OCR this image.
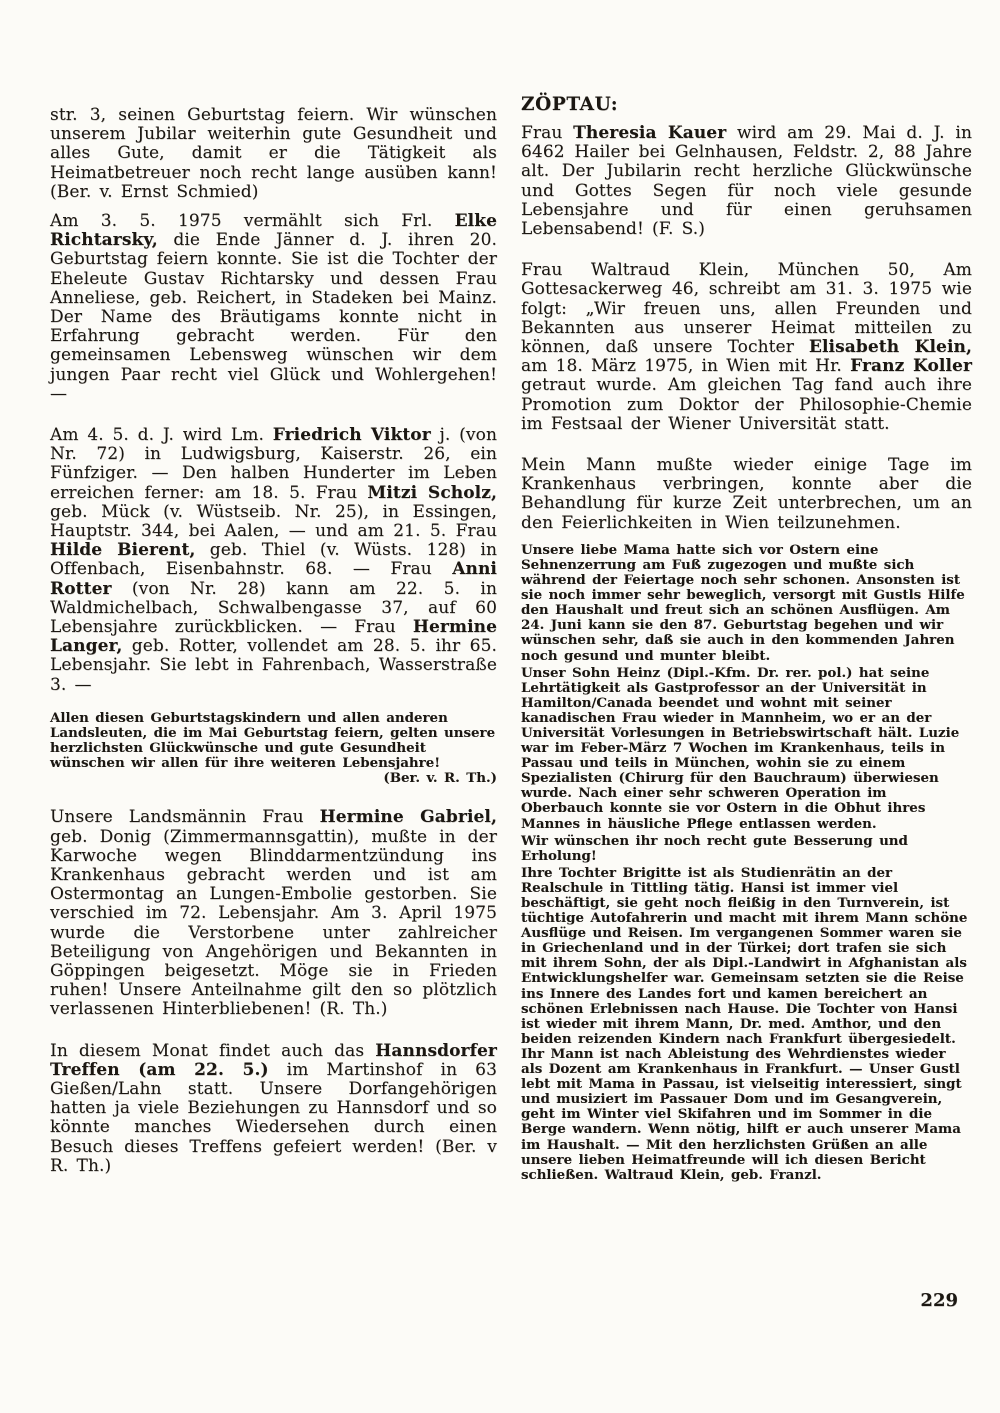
str. 3, seinen Geburtstag feiern. Wir wünschen unserem Jubilar weiterhin gute Gesundheit und alles Gute, damit er die Tätigkeit als Heimatbetreuer noch recht lange ausüben kann! (Ber. v. Ernst Schmied)

Am 3. 5. 1975 vermählt sich Frl. Elke Richtarsky, die Ende Jänner d. J. ihren 20. Geburtstag feiern konnte. Sie ist die Tochter der Eheleute Gustav Richtarsky und dessen Frau Anneliese, geb. Reichert, in Stadeken bei Mainz. Der Name des Bräutigams konnte nicht in Erfahrung gebracht werden. Für den gemeinsamen Lebensweg wünschen wir dem jungen Paar recht viel Glück und Wohlergehen! —

Am 4. 5. d. J. wird Lm. Friedrich Viktor j. (von Nr. 72) in Ludwigsburg, Kaiserstr. 26, ein Fünfziger. — Den halben Hunderter im Leben erreichen ferner: am 18. 5. Frau Mitzi Scholz, geb. Mück (v. Wüstseib. Nr. 25), in Essingen, Hauptstr. 344, bei Aalen, — und am 21. 5. Frau Hilde Bierent, geb. Thiel (v. Wüsts. 128) in Offenbach, Eisenbahnstr. 68. — Frau Anni Rotter (von Nr. 28) kann am 22. 5. in Waldmichelbach, Schwalbengasse 37, auf 60 Lebensjahre zurückblicken. — Frau Hermine Langer, geb. Rotter, vollendet am 28. 5. ihr 65. Lebensjahr. Sie lebt in Fahrenbach, Wasserstraße 3. —

Allen diesen Geburtstagskindern und allen anderen Landsleuten, die im Mai Geburtstag feiern, gelten unsere herzlichsten Glückwünsche und gute Gesundheit wünschen wir allen für ihre weiteren Lebensjahre!
(Ber. v. R. Th.)

Unsere Landsmännin Frau Hermine Gabriel, geb. Donig (Zimmermannsgattin), mußte in der Karwoche wegen Blinddarmentzündung ins Krankenhaus gebracht werden und ist am Ostermontag an Lungen-Embolie gestorben. Sie verschied im 72. Lebensjahr. Am 3. April 1975 wurde die Verstorbene unter zahlreicher Beteiligung von Angehörigen und Bekannten in Göppingen beigesetzt. Möge sie in Frieden ruhen! Unsere Anteilnahme gilt den so plötzlich verlassenen Hinterbliebenen! (R. Th.)

In diesem Monat findet auch das Hannsdorfer Treffen (am 22. 5.) im Martinshof in 63 Gießen/Lahn statt. Unsere Dorfangehörigen hatten ja viele Beziehungen zu Hannsdorf und so könnte manches Wiedersehen durch einen Besuch dieses Treffens gefeiert werden! (Ber. v R. Th.)

ZÖPTAU:

Frau Theresia Kauer wird am 29. Mai d. J. in 6462 Hailer bei Gelnhausen, Feldstr. 2, 88 Jahre alt. Der Jubilarin recht herzliche Glückwünsche und Gottes Segen für noch viele gesunde Lebensjahre und für einen geruhsamen Lebensabend! (F. S.)

Frau Waltraud Klein, München 50, Am Gottesackerweg 46, schreibt am 31. 3. 1975 wie folgt: „Wir freuen uns, allen Freunden und Bekannten aus unserer Heimat mitteilen zu können, daß unsere Tochter Elisabeth Klein, am 18. März 1975, in Wien mit Hr. Franz Koller getraut wurde. Am gleichen Tag fand auch ihre Promotion zum Doktor der Philosophie-Chemie im Festsaal der Wiener Universität statt.

Mein Mann mußte wieder einige Tage im Krankenhaus verbringen, konnte aber die Behandlung für kurze Zeit unterbrechen, um an den Feierlichkeiten in Wien teilzunehmen.

Unsere liebe Mama hatte sich vor Ostern eine Sehnenzerrung am Fuß zugezogen und mußte sich während der Feiertage noch sehr schonen. Ansonsten ist sie noch immer sehr beweglich, versorgt mit Gustls Hilfe den Haushalt und freut sich an schönen Ausflügen. Am 24. Juni kann sie den 87. Geburtstag begehen und wir wünschen sehr, daß sie auch in den kommenden Jahren noch gesund und munter bleibt.

Unser Sohn Heinz (Dipl.-Kfm. Dr. rer. pol.) hat seine Lehrtätigkeit als Gastprofessor an der Universität in Hamilton/Canada beendet und wohnt mit seiner kanadischen Frau wieder in Mannheim, wo er an der Universität Vorlesungen in Betriebswirtschaft hält. Luzie war im Feber-März 7 Wochen im Krankenhaus, teils in Passau und teils in München, wohin sie zu einem Spezialisten (Chirurg für den Bauchraum) überwiesen wurde. Nach einer sehr schweren Operation im Oberbauch konnte sie vor Ostern in die Obhut ihres Mannes in häusliche Pflege entlassen werden.

Wir wünschen ihr noch recht gute Besserung und Erholung!

Ihre Tochter Brigitte ist als Studienrätin an der Realschule in Tittling tätig. Hansi ist immer viel beschäftigt, sie geht noch fleißig in den Turnverein, ist tüchtige Autofahrerin und macht mit ihrem Mann schöne Ausflüge und Reisen. Im vergangenen Sommer waren sie in Griechenland und in der Türkei; dort trafen sie sich mit ihrem Sohn, der als Dipl.-Landwirt in Afghanistan als Entwicklungshelfer war. Gemeinsam setzten sie die Reise ins Innere des Landes fort und kamen bereichert an schönen Erlebnissen nach Hause. Die Tochter von Hansi ist wieder mit ihrem Mann, Dr. med. Amthor, und den beiden reizenden Kindern nach Frankfurt übergesiedelt. Ihr Mann ist nach Ableistung des Wehrdienstes wieder als Dozent am Krankenhaus in Frankfurt. — Unser Gustl lebt mit Mama in Passau, ist vielseitig interessiert, singt und musiziert im Passauer Dom und im Gesangverein, geht im Winter viel Skifahren und im Sommer in die Berge wandern. Wenn nötig, hilft er auch unserer Mama im Haushalt. — Mit den herzlichsten Grüßen an alle unsere lieben Heimatfreunde will ich diesen Bericht schließen. Waltraud Klein, geb. Franzl.

229
